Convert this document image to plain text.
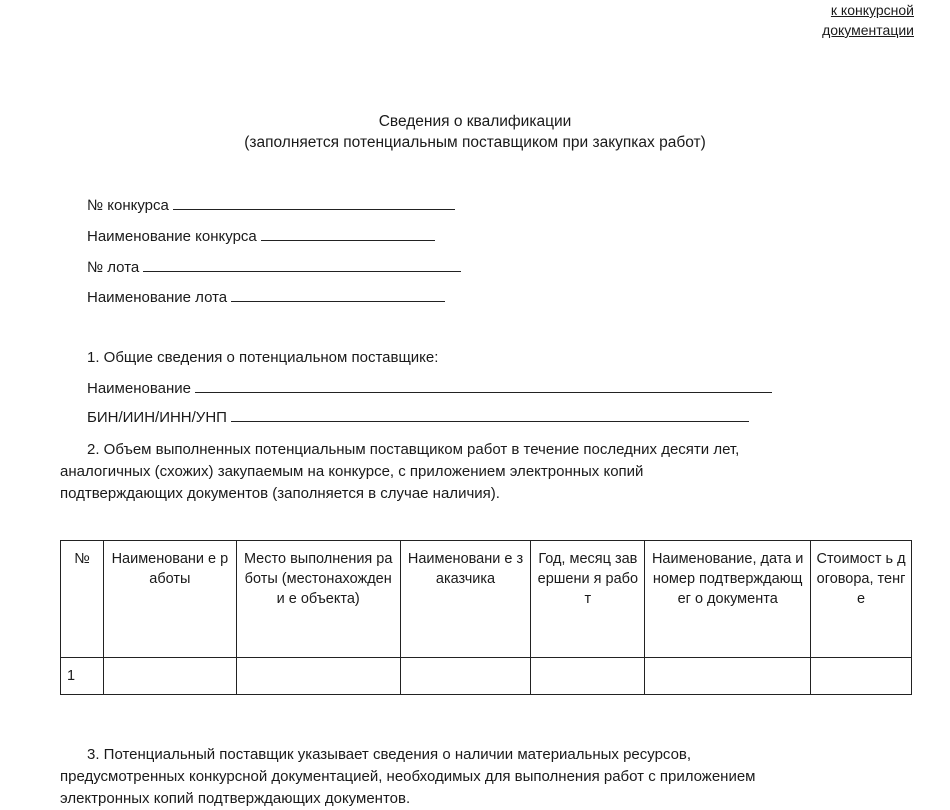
к конкурсной
документации
Сведения о квалификации
(заполняется потенциальным поставщиком при закупках работ)
№ конкурса
Наименование конкурса
№ лота
Наименование лота
1. Общие сведения о потенциальном поставщике:
Наименование
БИН/ИИН/ИНН/УНП
2. Объем выполненных потенциальным поставщиком работ в течение последних десяти лет,
аналогичных (схожих) закупаемым на конкурсе, с приложением электронных копий
подтверждающих документов (заполняется в случае наличия).
№	Наименовани е работы	Место выполнения работы (местонахождени е объекта)	Наименовани е заказчика	Год, месяц завершени я работ	Наименование, дата и номер подтверждающег о документа	Стоимост ь договора, тенге
1						
3. Потенциальный поставщик указывает сведения о наличии материальных ресурсов,
предусмотренных конкурсной документацией, необходимых для выполнения работ с приложением
электронных копий подтверждающих документов.
